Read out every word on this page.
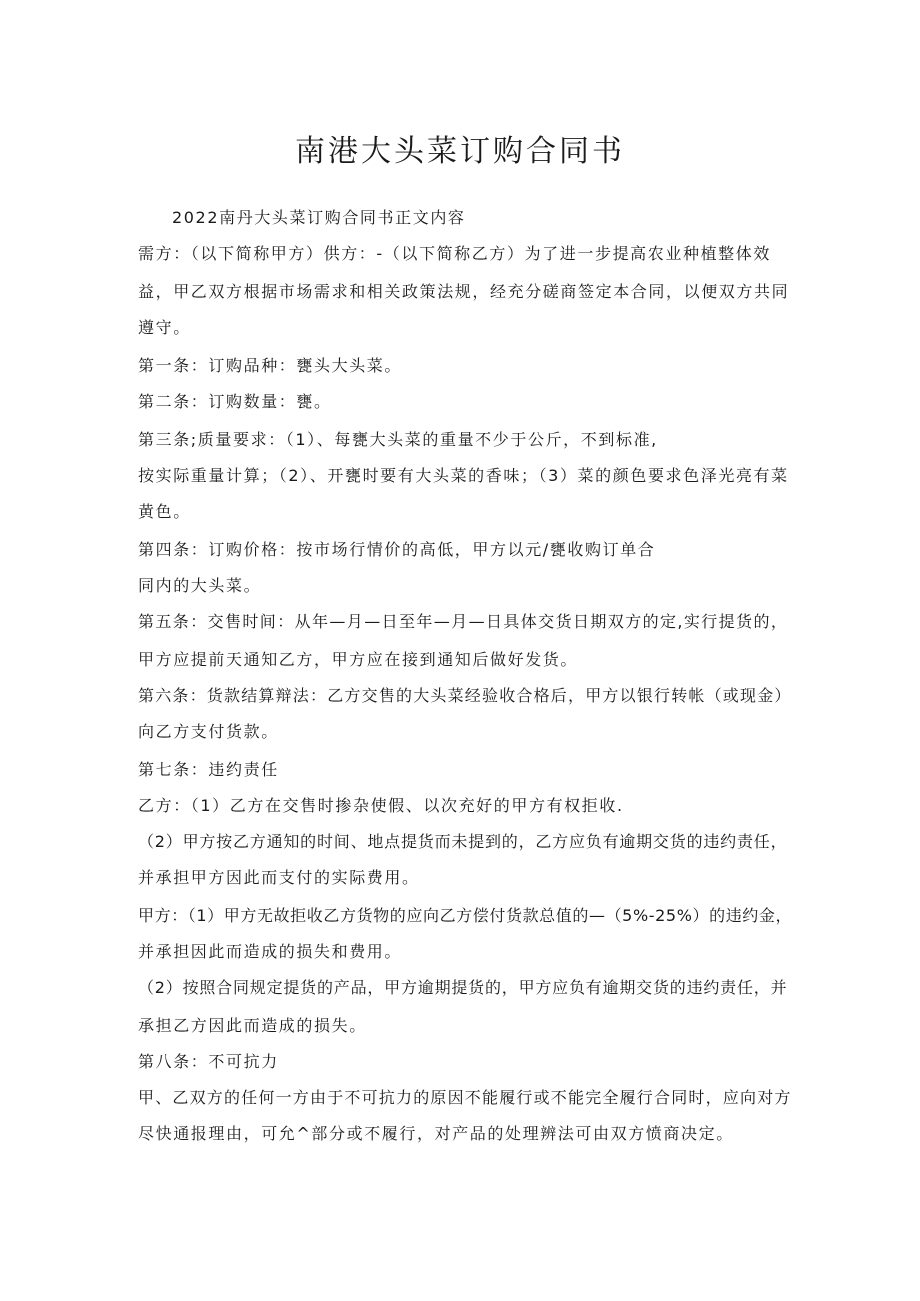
南港大头菜订购合同书

2022南丹大头菜订购合同书正文内容

需方：（以下简称甲方）供方：-（以下简称乙方）为了进一步提高农业种植整体效

益，甲乙双方根据市场需求和相关政策法规，经充分磋商签定本合同，以便双方共同

遵守。

第一条：订购品种：甕头大头菜。

第二条：订购数量：甕。

第三条;质量要求：（1）、每甕大头菜的重量不少于公斤，不到标准,

按实际重量计算；（2）、开甕时要有大头菜的香味；（3）菜的颜色要求色泽光亮有菜

黄色。

第四条：订购价格：按市场行情价的高低，甲方以元/甕收购订单合

同内的大头菜。

第五条：交售时间：从年—月—日至年—月—日具体交货日期双方的定,实行提货的，

甲方应提前天通知乙方，甲方应在接到通知后做好发货。

第六条：货款结算辩法：乙方交售的大头菜经验收合格后，甲方以银行转帐（或现金）

向乙方支付货款。

第七条：违约责任

乙方：（1）乙方在交售时掺杂使假、以次充好的甲方有权拒收.

（2）甲方按乙方通知的时间、地点提货而未提到的，乙方应负有逾期交货的违约责任，

并承担甲方因此而支付的实际费用。

甲方：（1）甲方无故拒收乙方货物的应向乙方偿付货款总值的—（5%-25%）的违约金，

并承担因此而造成的损失和费用。

（2）按照合同规定提货的产品，甲方逾期提货的，甲方应负有逾期交货的违约责任，并

承担乙方因此而造成的损失。

第八条：不可抗力

甲、乙双方的任何一方由于不可抗力的原因不能履行或不能完全履行合同时，应向对方

尽快通报理由，可允^部分或不履行，对产品的处理辨法可由双方愤商决定。
